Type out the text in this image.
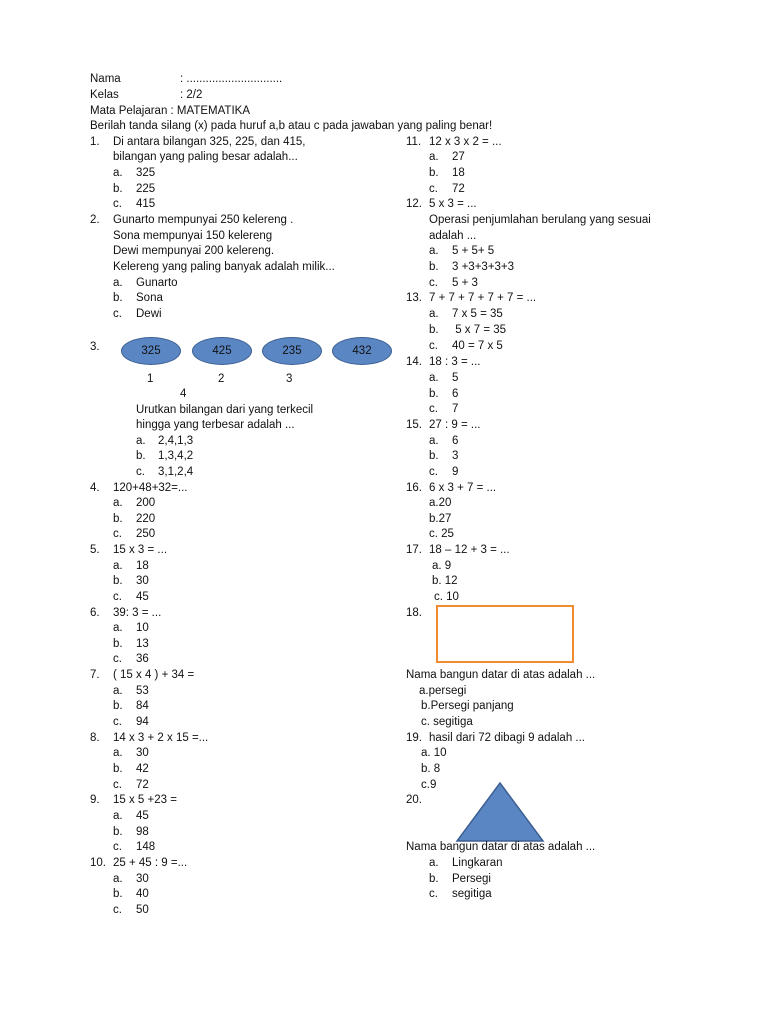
Nama	: ..............................
Kelas	: 2/2
Mata Pelajaran : MATEMATIKA
Berilah tanda silang (x) pada huruf a,b atau c pada jawaban yang paling benar!
1. Di antara bilangan 325, 225, dan 415,
bilangan yang paling besar adalah...
a. 325
b. 225
c. 415
2. Gunarto mempunyai 250 kelereng .
Sona mempunyai 150 kelereng
Dewi mempunyai 200 kelereng.
Kelereng yang paling banyak adalah milik...
a. Gunarto
b. Sona
c. Dewi
3.	325	425	235	432
1	2	3
4
Urutkan bilangan dari yang terkecil
hingga yang terbesar adalah ...
a. 2,4,1,3
b. 1,3,4,2
c. 3,1,2,4
4. 120+48+32=...
a. 200
b. 220
c. 250
5. 15 x 3 = ...
a. 18
b. 30
c. 45
6. 39: 3 = ...
a. 10
b. 13
c. 36
7. ( 15 x 4 ) + 34 =
a. 53
b. 84
c. 94
8. 14 x 3 + 2 x 15 =...
a. 30
b. 42
c. 72
9. 15 x 5 +23 =
a. 45
b. 98
c. 148
10. 25 + 45 : 9 =...
a. 30
b. 40
c. 50
11. 12 x 3 x 2 = ...
a. 27
b. 18
c. 72
12. 5 x 3 = ...
Operasi penjumlahan berulang yang sesuai
adalah ...
a. 5 + 5+ 5
b. 3 +3+3+3+3
c. 5 + 3
13. 7 + 7 + 7 + 7 + 7 = ...
a. 7 x 5 = 35
b. 5 x 7 = 35
c. 40 = 7 x 5
14. 18 : 3 = ...
a. 5
b. 6
c. 7
15. 27 : 9 = ...
a. 6
b. 3
c. 9
16. 6 x 3 + 7 = ...
a.20
b.27
c. 25
17. 18 – 12 + 3 = ...
a. 9
b. 12
c. 10
18.
Nama bangun datar di atas adalah ...
a.persegi
b.Persegi panjang
c. segitiga
19. hasil dari 72 dibagi 9 adalah ...
a. 10
b. 8
c.9
20.
Nama bangun datar di atas adalah ...
a. Lingkaran
b. Persegi
c. segitiga
